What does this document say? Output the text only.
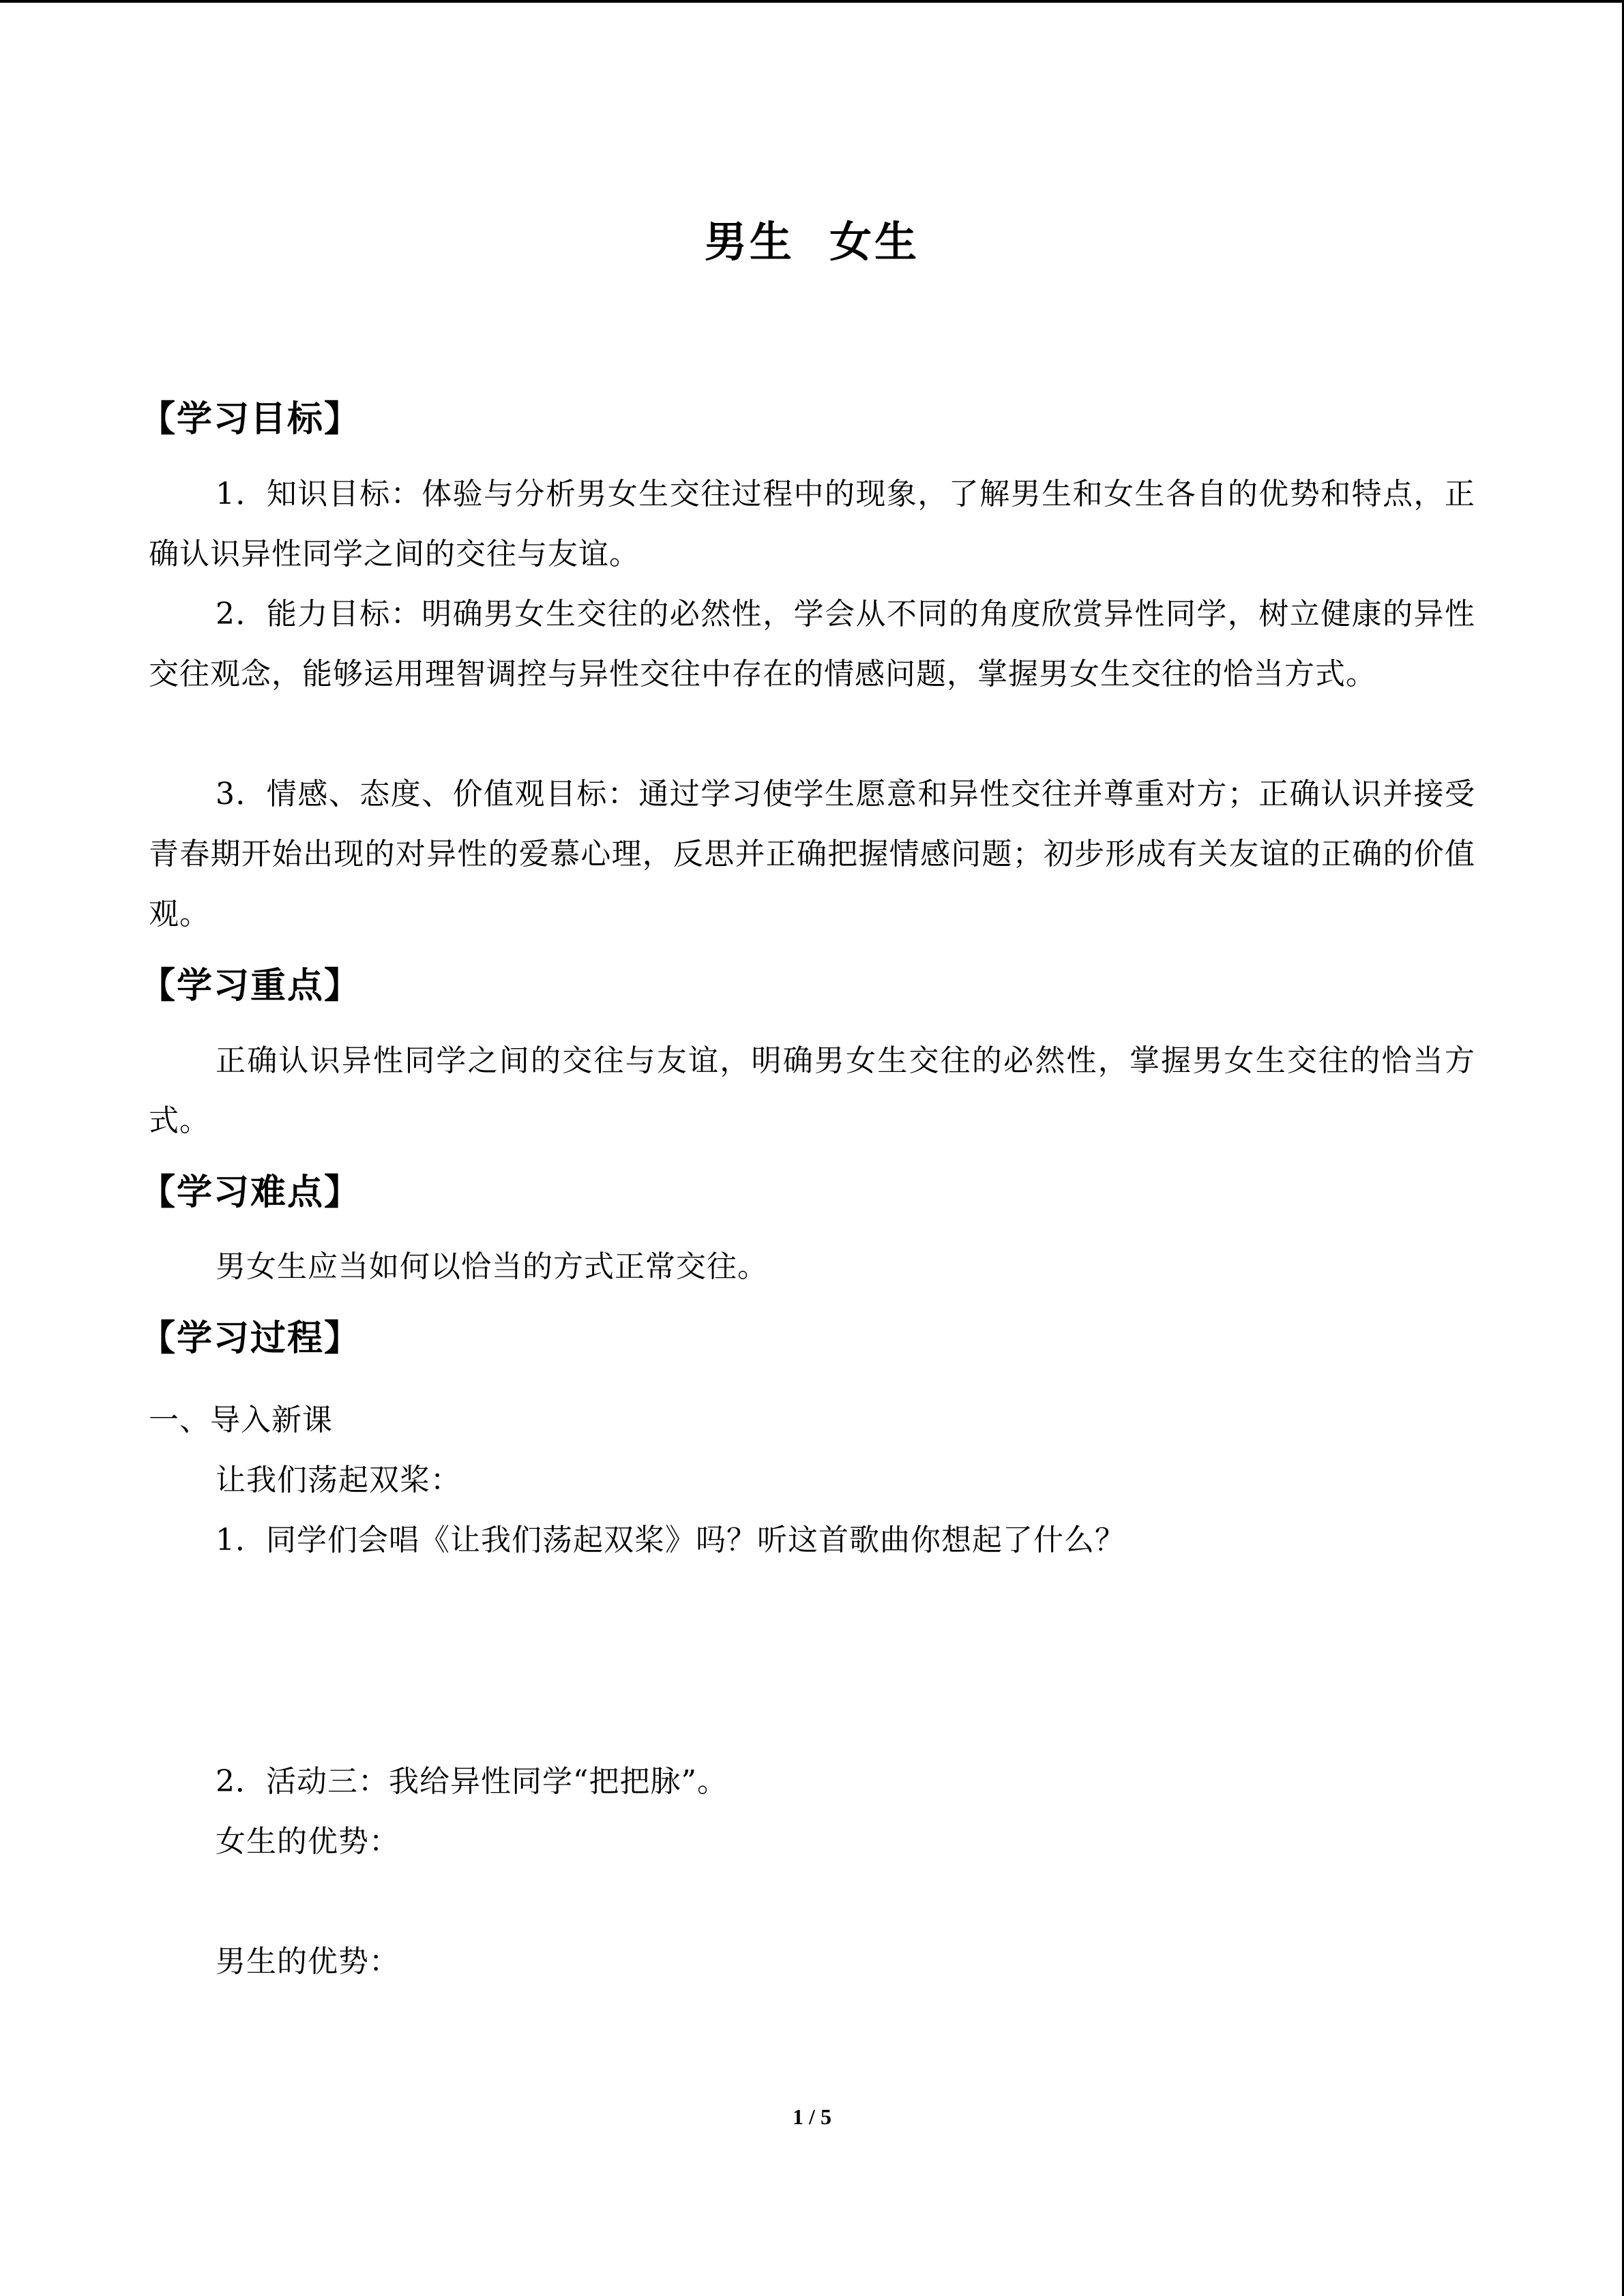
男生  女生
【学习目标】
1．知识目标：体验与分析男女生交往过程中的现象，了解男生和女生各自的优势和特点，正确认识异性同学之间的交往与友谊。
2．能力目标：明确男女生交往的必然性，学会从不同的角度欣赏异性同学，树立健康的异性交往观念，能够运用理智调控与异性交往中存在的情感问题，掌握男女生交往的恰当方式。
3．情感、态度、价值观目标：通过学习使学生愿意和异性交往并尊重对方；正确认识并接受青春期开始出现的对异性的爱慕心理，反思并正确把握情感问题；初步形成有关友谊的正确的价值观。
【学习重点】
正确认识异性同学之间的交往与友谊，明确男女生交往的必然性，掌握男女生交往的恰当方式。
【学习难点】
男女生应当如何以恰当的方式正常交往。
【学习过程】
一、导入新课
让我们荡起双桨：
1．同学们会唱《让我们荡起双桨》吗？听这首歌曲你想起了什么？
2．活动三：我给异性同学“把把脉”。
女生的优势：
男生的优势：
1 / 5
